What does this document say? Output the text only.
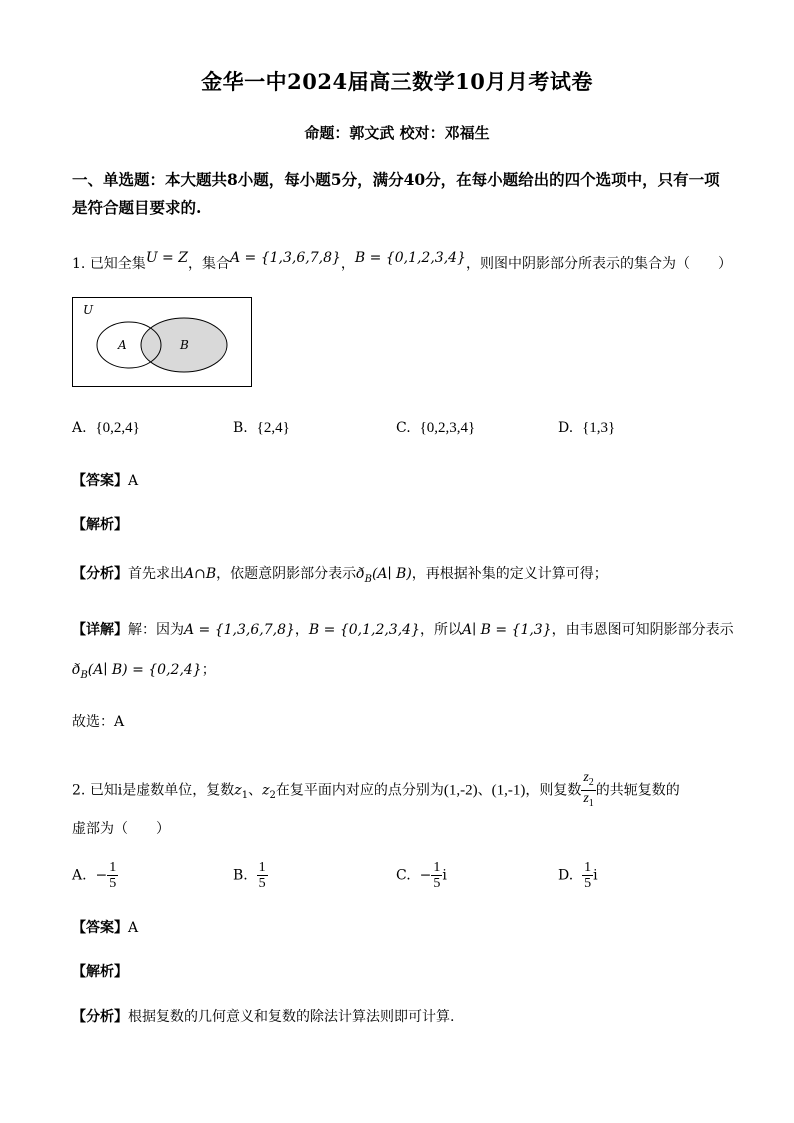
金华一中2024届高三数学10月月考试卷
命题：郭文武 校对：邓福生
一、单选题：本大题共8小题，每小题5分，满分40分，在每小题给出的四个选项中，只有一项是符合题目要求的.
1. 已知全集U = Z，集合A = {1,3,6,7,8}，B = {0,1,2,3,4}，则图中阴影部分所表示的集合为（　　）
U
A	B
A. {0,2,4}	B. {2,4}	C. {0,2,3,4}	D. {1,3}
【答案】A
【解析】
【分析】首先求出A∩B，依题意阴影部分表示$ð_B(A∣$ B)，再根据补集的定义计算可得；
【详解】解：因为A = {1,3,6,7,8}，B = {0,1,2,3,4}，所以A∣ B = {1,3}，由韦恩图可知阴影部分表示
$ð_B(A∣$ B) = {0,2,4}；
故选：A
2. 已知i是虚数单位，复数$z_1$、$z_2$在复平面内对应的点分别为(1,-2)、(1,-1)，则复数 $\frac{z_2}{z_1}$ 的共轭复数的
虚部为（　　）
A. − $\frac{1}{5}$	B. $\frac{1}{5}$	C. − $\frac{1}{5}$ i	D. $\frac{1}{5}$ i
【答案】A
【解析】
【分析】根据复数的几何意义和复数的除法计算法则即可计算.
